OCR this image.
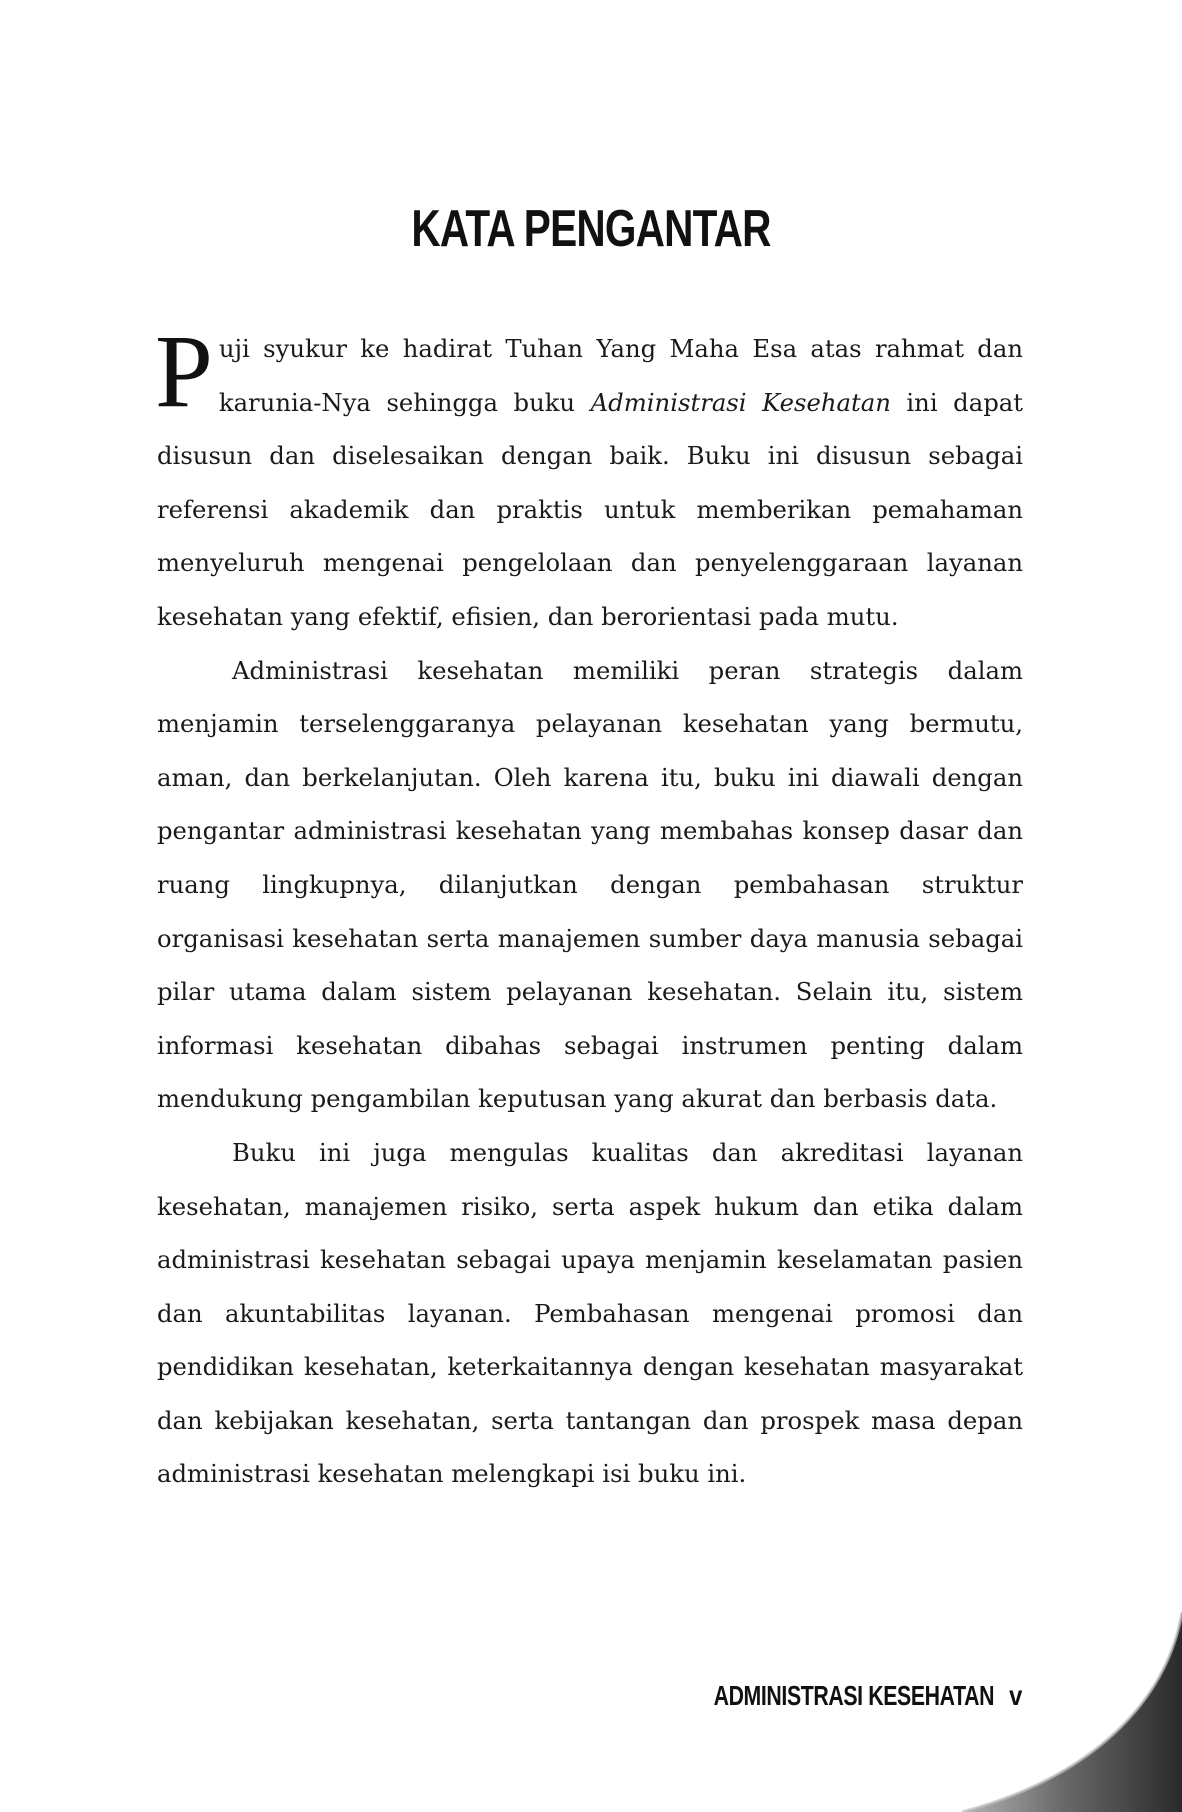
KATA PENGANTAR

Puji syukur ke hadirat Tuhan Yang Maha Esa atas rahmat dan karunia-Nya sehingga buku Administrasi Kesehatan ini dapat disusun dan diselesaikan dengan baik. Buku ini disusun sebagai referensi akademik dan praktis untuk memberikan pemahaman menyeluruh mengenai pengelolaan dan penyelenggaraan layanan kesehatan yang efektif, efisien, dan berorientasi pada mutu.

Administrasi kesehatan memiliki peran strategis dalam menjamin terselenggaranya pelayanan kesehatan yang bermutu, aman, dan berkelanjutan. Oleh karena itu, buku ini diawali dengan pengantar administrasi kesehatan yang membahas konsep dasar dan ruang lingkupnya, dilanjutkan dengan pembahasan struktur organisasi kesehatan serta manajemen sumber daya manusia sebagai pilar utama dalam sistem pelayanan kesehatan. Selain itu, sistem informasi kesehatan dibahas sebagai instrumen penting dalam mendukung pengambilan keputusan yang akurat dan berbasis data.

Buku ini juga mengulas kualitas dan akreditasi layanan kesehatan, manajemen risiko, serta aspek hukum dan etika dalam administrasi kesehatan sebagai upaya menjamin keselamatan pasien dan akuntabilitas layanan. Pembahasan mengenai promosi dan pendidikan kesehatan, keterkaitannya dengan kesehatan masyarakat dan kebijakan kesehatan, serta tantangan dan prospek masa depan administrasi kesehatan melengkapi isi buku ini.

ADMINISTRASI KESEHATAN v
